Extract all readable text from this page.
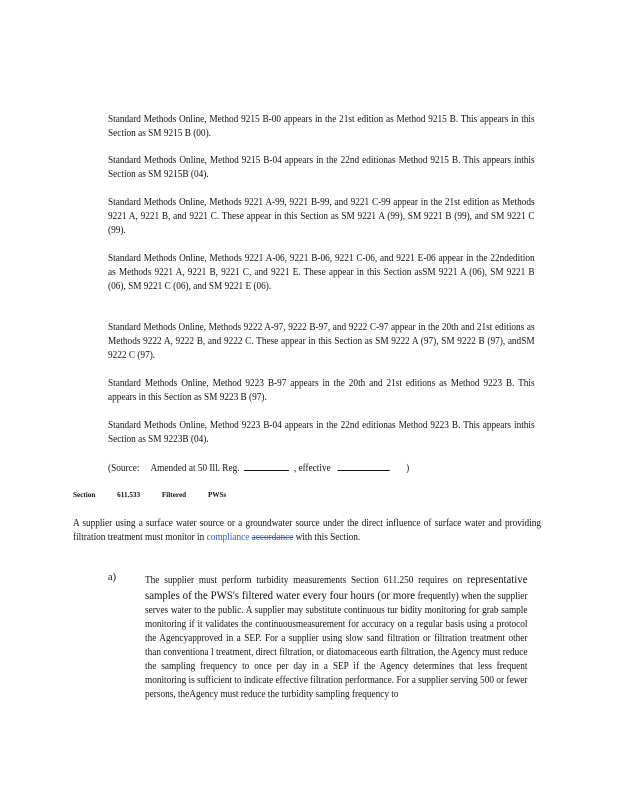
Standard Methods Online, Method 9215 B-00 appears in the 21st edition as Method 9215 B. This appears in this Section as SM 9215 B (00).
Standard Methods Online, Method 9215 B-04 appears in the 22nd editionas Method 9215 B. This appears inthis Section as SM 9215B (04).
Standard Methods Online, Methods 9221 A-99, 9221 B-99, and 9221 C-99 appear in the 21st edition as Methods 9221 A, 9221 B, and 9221 C. These appear in this Section as SM 9221 A (99), SM 9221 B (99), and SM 9221 C (99).
Standard Methods Online, Methods 9221 A-06, 9221 B-06, 9221 C-06, and 9221 E-06 appear in the 22ndedition as Methods 9221 A, 9221 B, 9221 C, and 9221 E. These appear in this Section asSM 9221 A (06), SM 9221 B (06), SM 9221 C (06), and SM 9221 E (06).
Standard Methods Online, Methods 9222 A-97, 9222 B-97, and 9222 C-97 appear in the 20th and 21st editions as Methods 9222 A, 9222 B, and 9222 C. These appear in this Section as SM 9222 A (97), SM 9222 B (97), andSM 9222 C (97).
Standard Methods Online, Method 9223 B-97 appears in the 20th and 21st editions as Method 9223 B. This appears in this Section as SM 9223 B (97).
Standard Methods Online, Method 9223 B-04 appears in the 22nd editionas Method 9223 B. This appears inthis Section as SM 9223B (04).
(Source: Amended at 50 Ill. Reg.	, effective	)
Section	611.533	Filtered	PWSs
A supplier using a surface water source or a groundwater source under the direct influence of surface water and providing filtration treatment must monitor in compliance accordance with this Section.
a)	The supplier must perform turbidity measurements Section 611.250 requires on representative samples of the PWS's filtered water every four hours (or more frequently) when the supplier serves water to the public. A supplier may substitute continuous tur bidity monitoring for grab sample monitoring if it validates the continuousmeasurement for accuracy on a regular basis using a protocol the Agencyapproved in a SEP. For a supplier using slow sand filtration or filtration treatment other than conventiona l treatment, direct filtration, or diatomaceous earth filtration, the Agency must reduce the sampling frequency to once per day in a SEP if the Agency determines that less frequent monitoring is sufficient to indicate effective filtration performance. For a supplier serving 500 or fewer persons, theAgency must reduce the turbidity sampling frequency to
